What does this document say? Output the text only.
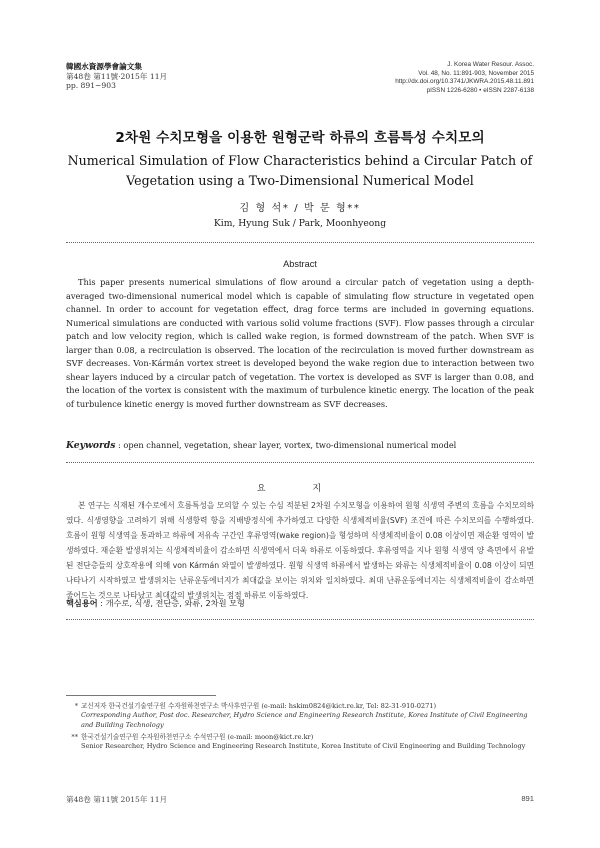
韓國水資源學會論文集
第48卷 第11號·2015年 11月
pp. 891~903
J. Korea Water Resour. Assoc.
Vol. 48, No. 11:891-903, November 2015
http://dx.doi.org/10.3741/JKWRA.2015.48.11.891
pISSN 1226-6280 • eISSN 2287-6138
2차원 수치모형을 이용한 원형군락 하류의 흐름특성 수치모의
Numerical Simulation of Flow Characteristics behind a Circular Patch of Vegetation using a Two-Dimensional Numerical Model
김 형 석* / 박 문 형**
Kim, Hyung Suk / Park, Moonhyeong
Abstract

This paper presents numerical simulations of flow around a circular patch of vegetation using a depth-averaged two-dimensional numerical model which is capable of simulating flow structure in vegetated open channel. In order to account for vegetation effect, drag force terms are included in governing equations. Numerical simulations are conducted with various solid volume fractions (SVF). Flow passes through a circular patch and low velocity region, which is called wake region, is formed downstream of the patch. When SVF is larger than 0.08, a recirculation is observed. The location of the recirculation is moved further downstream as SVF decreases. Von-Kármán vortex street is developed beyond the wake region due to interaction between two shear layers induced by a circular patch of vegetation. The vortex is developed as SVF is larger than 0.08, and the location of the vortex is consistent with the maximum of turbulence kinetic energy. The location of the peak of turbulence kinetic energy is moved further downstream as SVF decreases.

Keywords : open channel, vegetation, shear layer, vortex, two-dimensional numerical model
요 지

본 연구는 식재된 개수로에서 흐름특성을 모의할 수 있는 수심 적분된 2차원 수치모형을 이용하여 원형 식생역 주변의 흐름을 수치모의하였다. 식생영향을 고려하기 위해 식생항력 항을 지배방정식에 추가하였고 다양한 식생체적비율(SVF) 조건에 따른 수치모의를 수행하였다. 흐름이 원형 식생역을 통과하고 하류에 저유속 구간인 후류영역(wake region)을 형성하며 식생체적비율이 0.08 이상이면 재순환 영역이 발생하였다. 재순환 발생위치는 식생체적비율이 감소하면 식생역에서 더욱 하류로 이동하였다. 후류영역을 지나 원형 식생역 양 측면에서 유발된 전단층들의 상호작용에 의해 von Kármán 와열이 발생하였다. 원형 식생역 하류에서 발생하는 와류는 식생체적비율이 0.08 이상이 되면 나타나기 시작하였고 발생위치는 난류운동에너지가 최대값을 보이는 위치와 일치하였다. 최대 난류운동에너지는 식생체적비율이 감소하면 줄어드는 것으로 나타났고 최대값의 발생위치는 점점 하류로 이동하였다.

핵심용어 : 개수로, 식생, 전단층, 와류, 2차원 모형
* 교신저자 한국건설기술연구원 수자원하천연구소 박사후연구원 (e-mail: hskim0824@kict.re.kr, Tel: 82-31-910-0271)
Corresponding Author, Post doc. Researcher, Hydro Science and Engineering Research Institute, Korea Institute of Civil Engineering and Building Technology
** 한국건설기술연구원 수자원하천연구소 수석연구원 (e-mail: moon@kict.re.kr)
Senior Researcher, Hydro Science and Engineering Research Institute, Korea Institute of Civil Engineering and Building Technology
第48卷 第11號 2015年 11月	891
